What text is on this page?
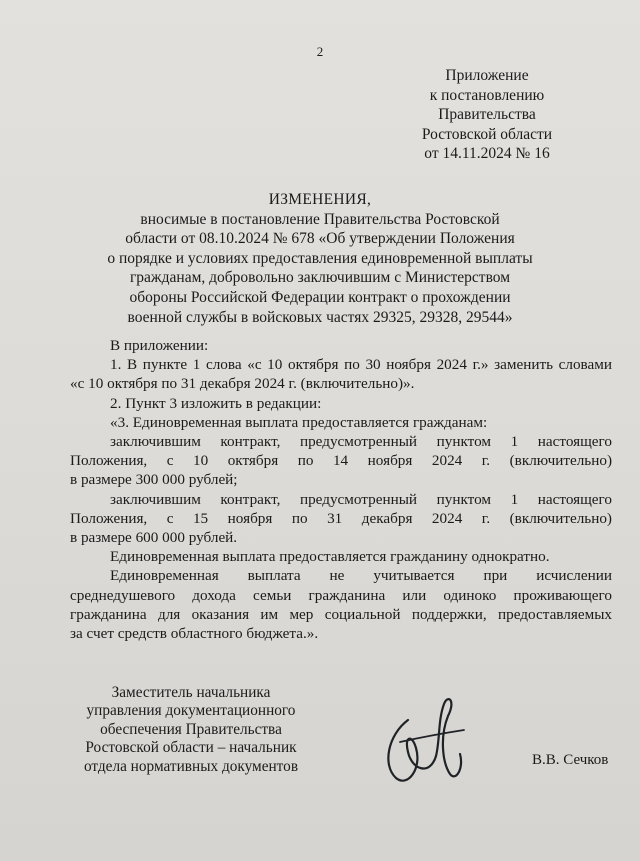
2
Приложение
к постановлению
Правительства
Ростовской области
от 14.11.2024 № 16
ИЗМЕНЕНИЯ,
вносимые в постановление Правительства Ростовской
области от 08.10.2024 № 678 «Об утверждении Положения
о порядке и условиях предоставления единовременной выплаты
гражданам, добровольно заключившим с Министерством
обороны Российской Федерации контракт о прохождении
военной службы в войсковых частях 29325, 29328, 29544»

В приложении:

1. В пункте 1 слова «с 10 октября по 30 ноября 2024 г.» заменить словами

«с 10 октября по 31 декабря 2024 г. (включительно)».

2. Пункт 3 изложить в редакции:

«3. Единовременная выплата предоставляется гражданам:

заключившим контракт, предусмотренный пунктом 1 настоящего

Положения, с 10 октября по 14 ноября 2024 г. (включительно)

в размере 300 000 рублей;

заключившим контракт, предусмотренный пунктом 1 настоящего

Положения, с 15 ноября по 31 декабря 2024 г. (включительно)

в размере 600 000 рублей.

Единовременная выплата предоставляется гражданину однократно.

Единовременная выплата не учитывается при исчислении

среднедушевого дохода семьи гражданина или одиноко проживающего

гражданина для оказания им мер социальной поддержки, предоставляемых

за счет средств областного бюджета.».

Заместитель начальника
управления документационного
обеспечения Правительства
Ростовской области – начальник
отдела нормативных документов	В.В. Сечков
